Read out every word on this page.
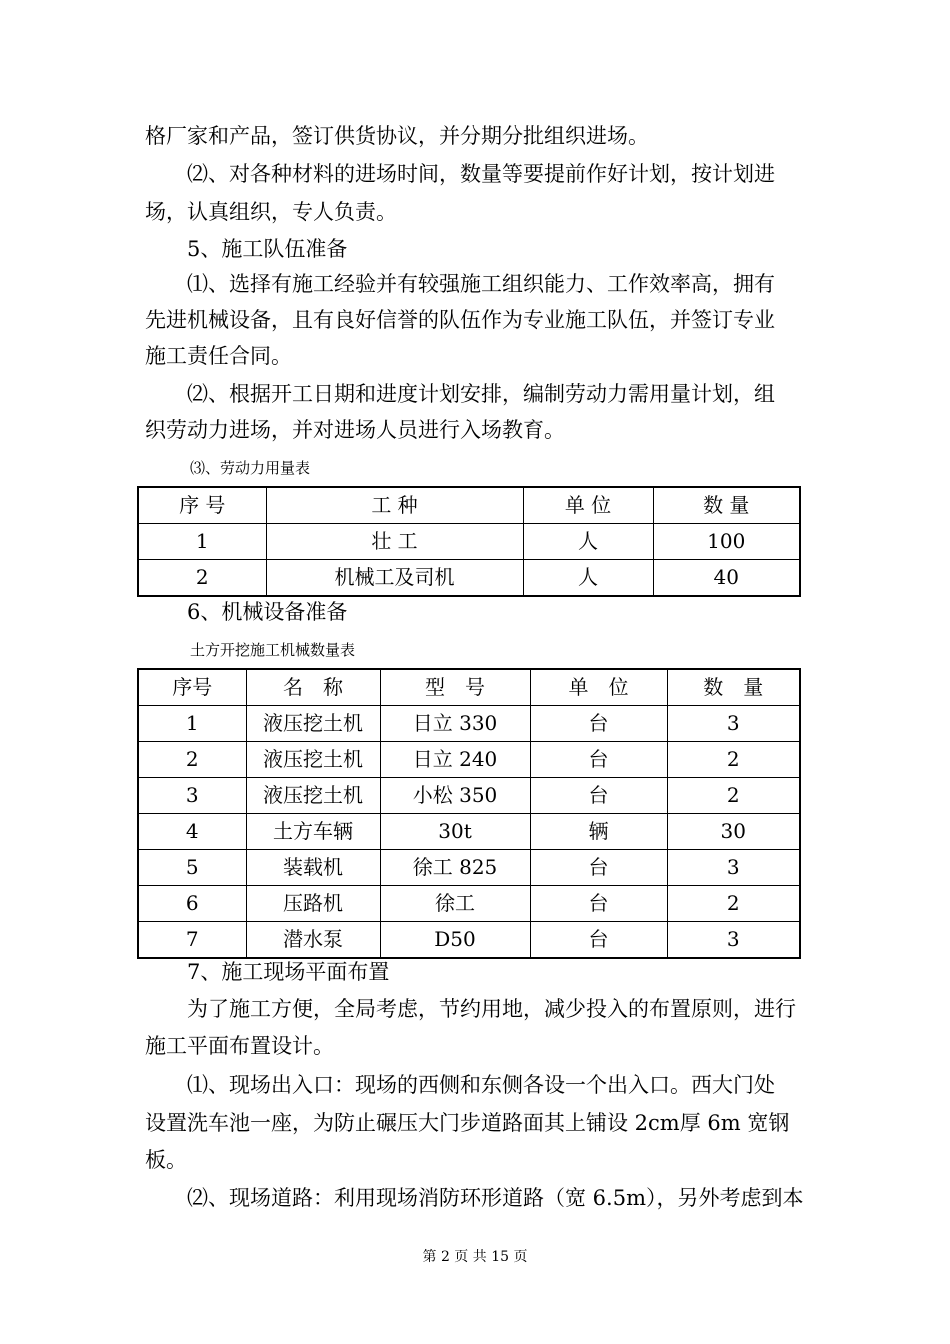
格厂家和产品，签订供货协议，并分期分批组织进场。
⑵、对各种材料的进场时间，数量等要提前作好计划，按计划进
场，认真组织，专人负责。
5、施工队伍准备
⑴、选择有施工经验并有较强施工组织能力、工作效率高，拥有
先进机械设备，且有良好信誉的队伍作为专业施工队伍，并签订专业
施工责任合同。
⑵、根据开工日期和进度计划安排，编制劳动力需用量计划，组
织劳动力进场，并对进场人员进行入场教育。
⑶、劳动力用量表
序 号	工 种	单 位	数 量
1	壮 工	人	100
2	机械工及司机	人	40
6、机械设备准备
土方开挖施工机械数量表
序号	名　称	型　号	单　位	数　量
1	液压挖土机	日立 330	台	3
2	液压挖土机	日立 240	台	2
3	液压挖土机	小松 350	台	2
4	土方车辆	30t	辆	30
5	装载机	徐工 825	台	3
6	压路机	徐工	台	2
7	潜水泵	D50	台	3
7、施工现场平面布置
为了施工方便，全局考虑，节约用地，减少投入的布置原则，进行
施工平面布置设计。
⑴、现场出入口：现场的西侧和东侧各设一个出入口。西大门处
设置洗车池一座，为防止碾压大门步道路面其上铺设 2cm厚 6m 宽钢
板。
⑵、现场道路：利用现场消防环形道路（宽 6.5m），另外考虑到本
第 2 页 共 15 页
